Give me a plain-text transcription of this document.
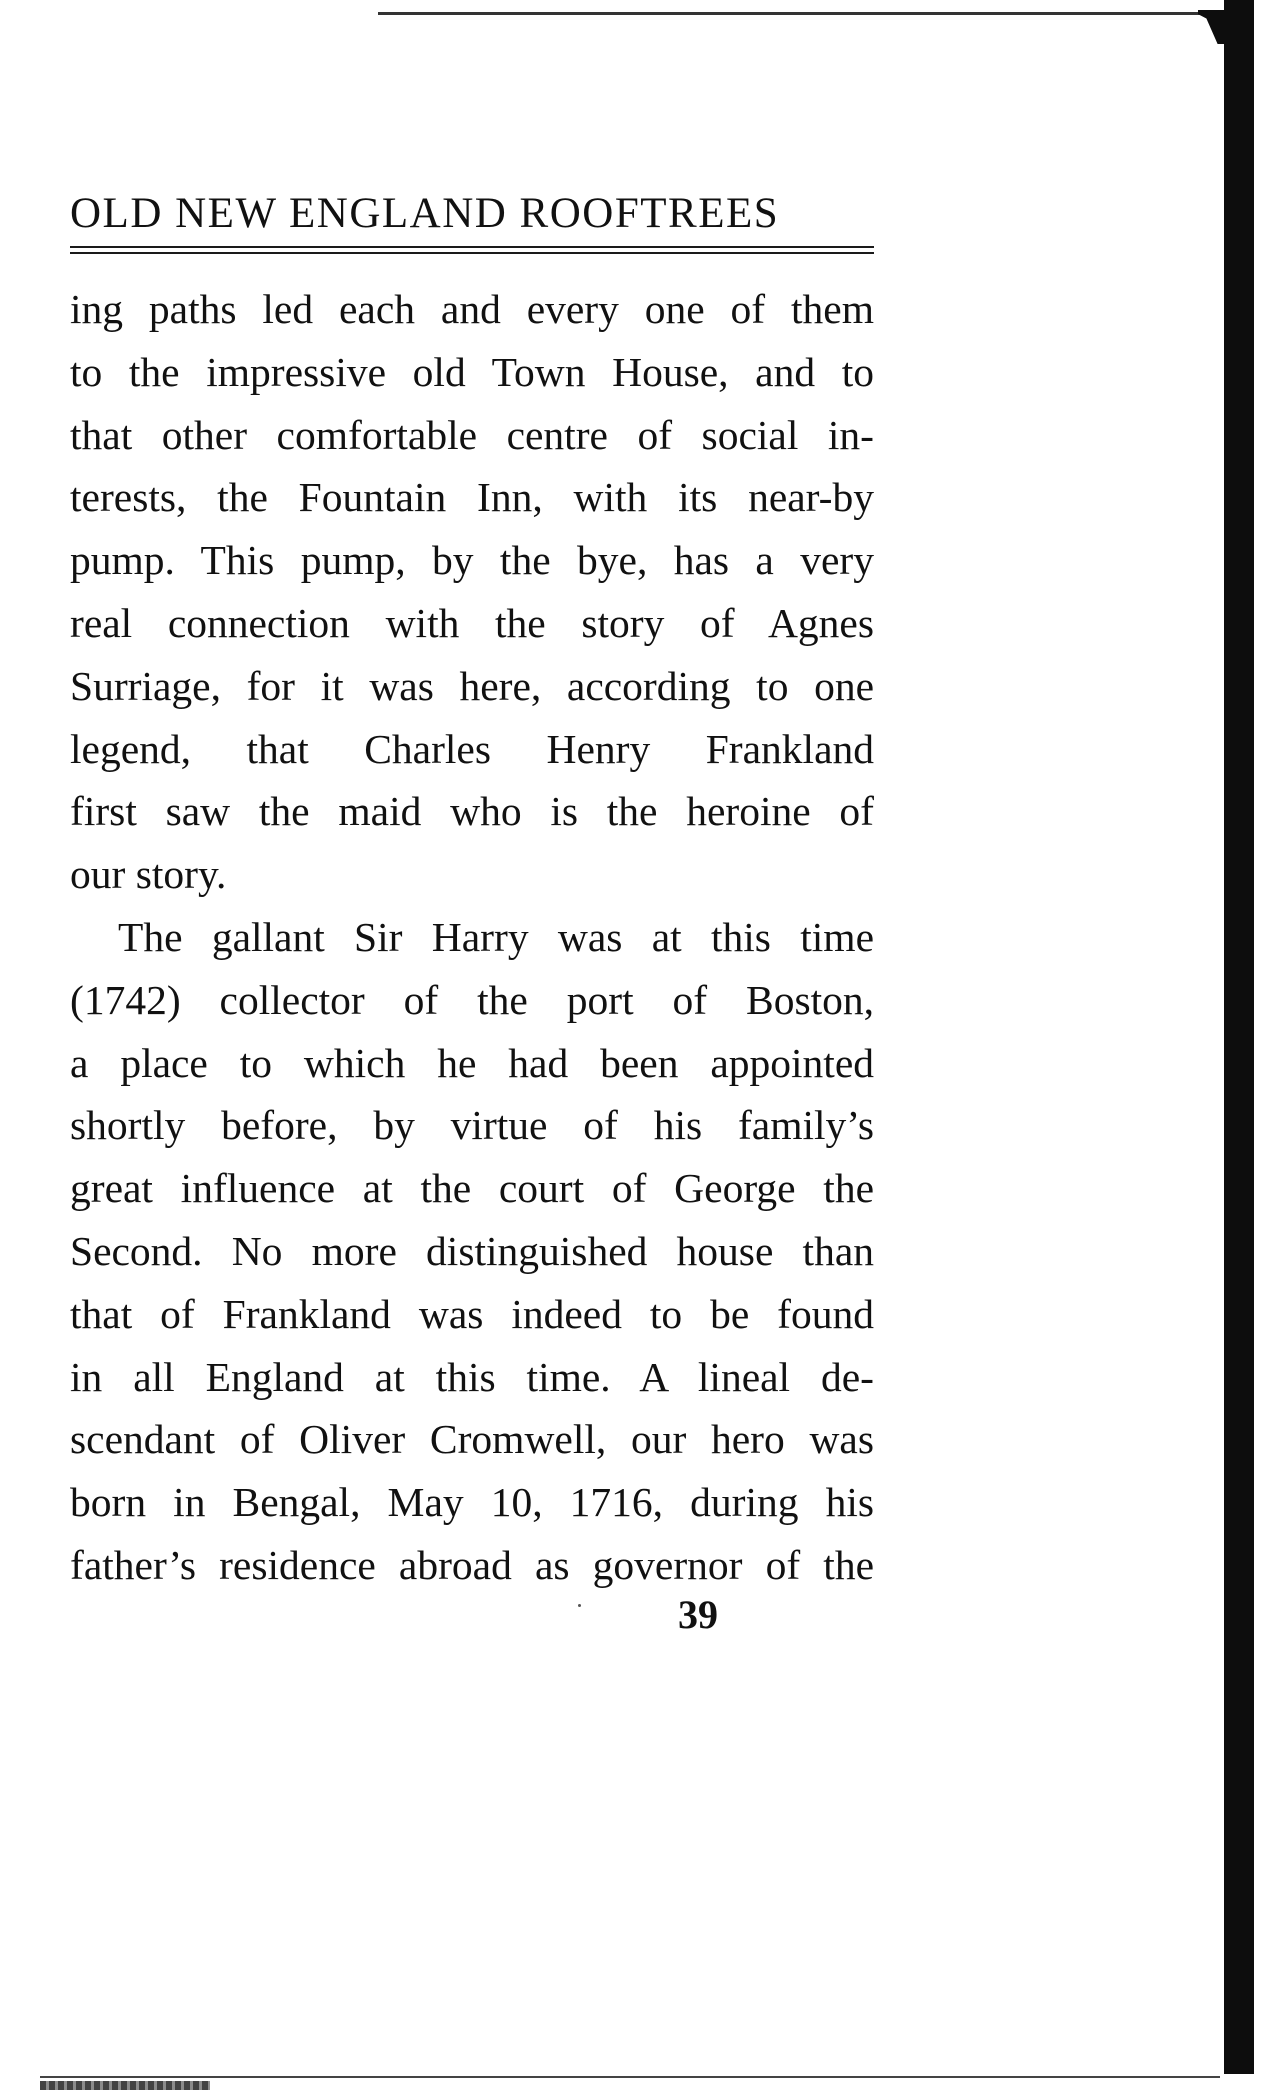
OLD NEW ENGLAND ROOFTREES
ing paths led each and every one of them
to the impressive old Town House, and to
that other comfortable centre of social in-
terests, the Fountain Inn, with its near-by
pump. This pump, by the bye, has a very
real connection with the story of Agnes
Surriage, for it was here, according to one
legend, that Charles Henry Frankland
first saw the maid who is the heroine of
our story.
The gallant Sir Harry was at this time
(1742) collector of the port of Boston,
a place to which he had been appointed
shortly before, by virtue of his family’s
great influence at the court of George the
Second. No more distinguished house than
that of Frankland was indeed to be found
in all England at this time. A lineal de-
scendant of Oliver Cromwell, our hero was
born in Bengal, May 10, 1716, during his
father’s residence abroad as governor of the
39
